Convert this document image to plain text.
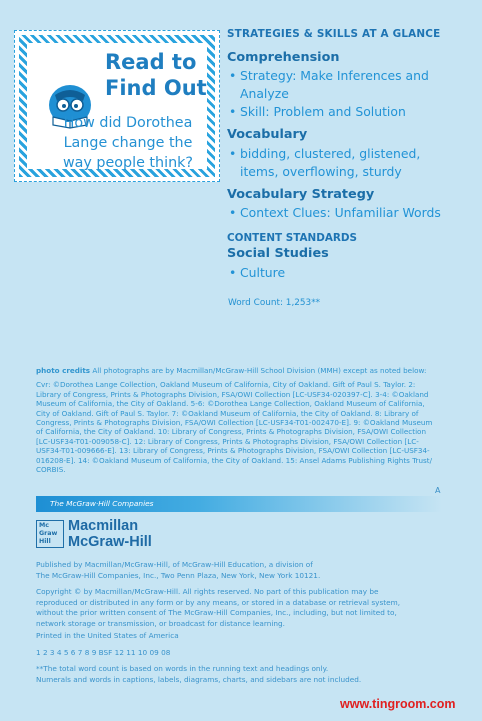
Read to
Find Out
How did Dorothea
Lange change the
way people think?
STRATEGIES & SKILLS AT A GLANCE
Comprehension
• Strategy: Make Inferences and
Analyze
• Skill: Problem and Solution
Vocabulary
• bidding, clustered, glistened,
items, overflowing, sturdy
Vocabulary Strategy
• Context Clues: Unfamiliar Words
CONTENT STANDARDS
Social Studies
• Culture
Word Count: 1,253**

photo credits All photographs are by Macmillan/McGraw-Hill School Division (MMH) except as noted below:

Cvr: ©Dorothea Lange Collection, Oakland Museum of California, City of Oakland. Gift of Paul S. Taylor. 2: Library of Congress, Prints & Photographs Division, FSA/OWI Collection [LC-USF34-020397-C]. 3-4: ©Oakland Museum of California, the City of Oakland. 5-6: ©Dorothea Lange Collection, Oakland Museum of California, City of Oakland. Gift of Paul S. Taylor. 7: ©Oakland Museum of California, the City of Oakland. 8: Library of Congress, Prints & Photographs Division, FSA/OWI Collection [LC-USF34-T01-002470-E]. 9: ©Oakland Museum of California, the City of Oakland. 10: Library of Congress, Prints & Photographs Division, FSA/OWI Collection [LC-USF34-T01-009058-C]. 12: Library of Congress, Prints & Photographs Division, FSA/OWI Collection [LC-USF34-T01-009666-E]. 13: Library of Congress, Prints & Photographs Division, FSA/OWI Collection [LC-USF34-016208-E]. 14: ©Oakland Museum of California, the City of Oakland. 15: Ansel Adams Publishing Rights Trust/ CORBIS.

A
The McGraw·Hill Companies
Mc
Graw
Hill
Macmillan
McGraw-Hill

Published by Macmillan/McGraw-Hill, of McGraw-Hill Education, a division of

The McGraw-Hill Companies, Inc., Two Penn Plaza, New York, New York 10121.

Copyright © by Macmillan/McGraw-Hill. All rights reserved. No part of this publication may be

reproduced or distributed in any form or by any means, or stored in a database or retrieval system,

without the prior written consent of The McGraw-Hill Companies, Inc., including, but not limited to,

network storage or transmission, or broadcast for distance learning.

Printed in the United States of America
1 2 3 4 5 6 7 8 9 BSF 12 11 10 09 08

**The total word count is based on words in the running text and headings only.

Numerals and words in captions, labels, diagrams, charts, and sidebars are not included.

www.tingroom.com
